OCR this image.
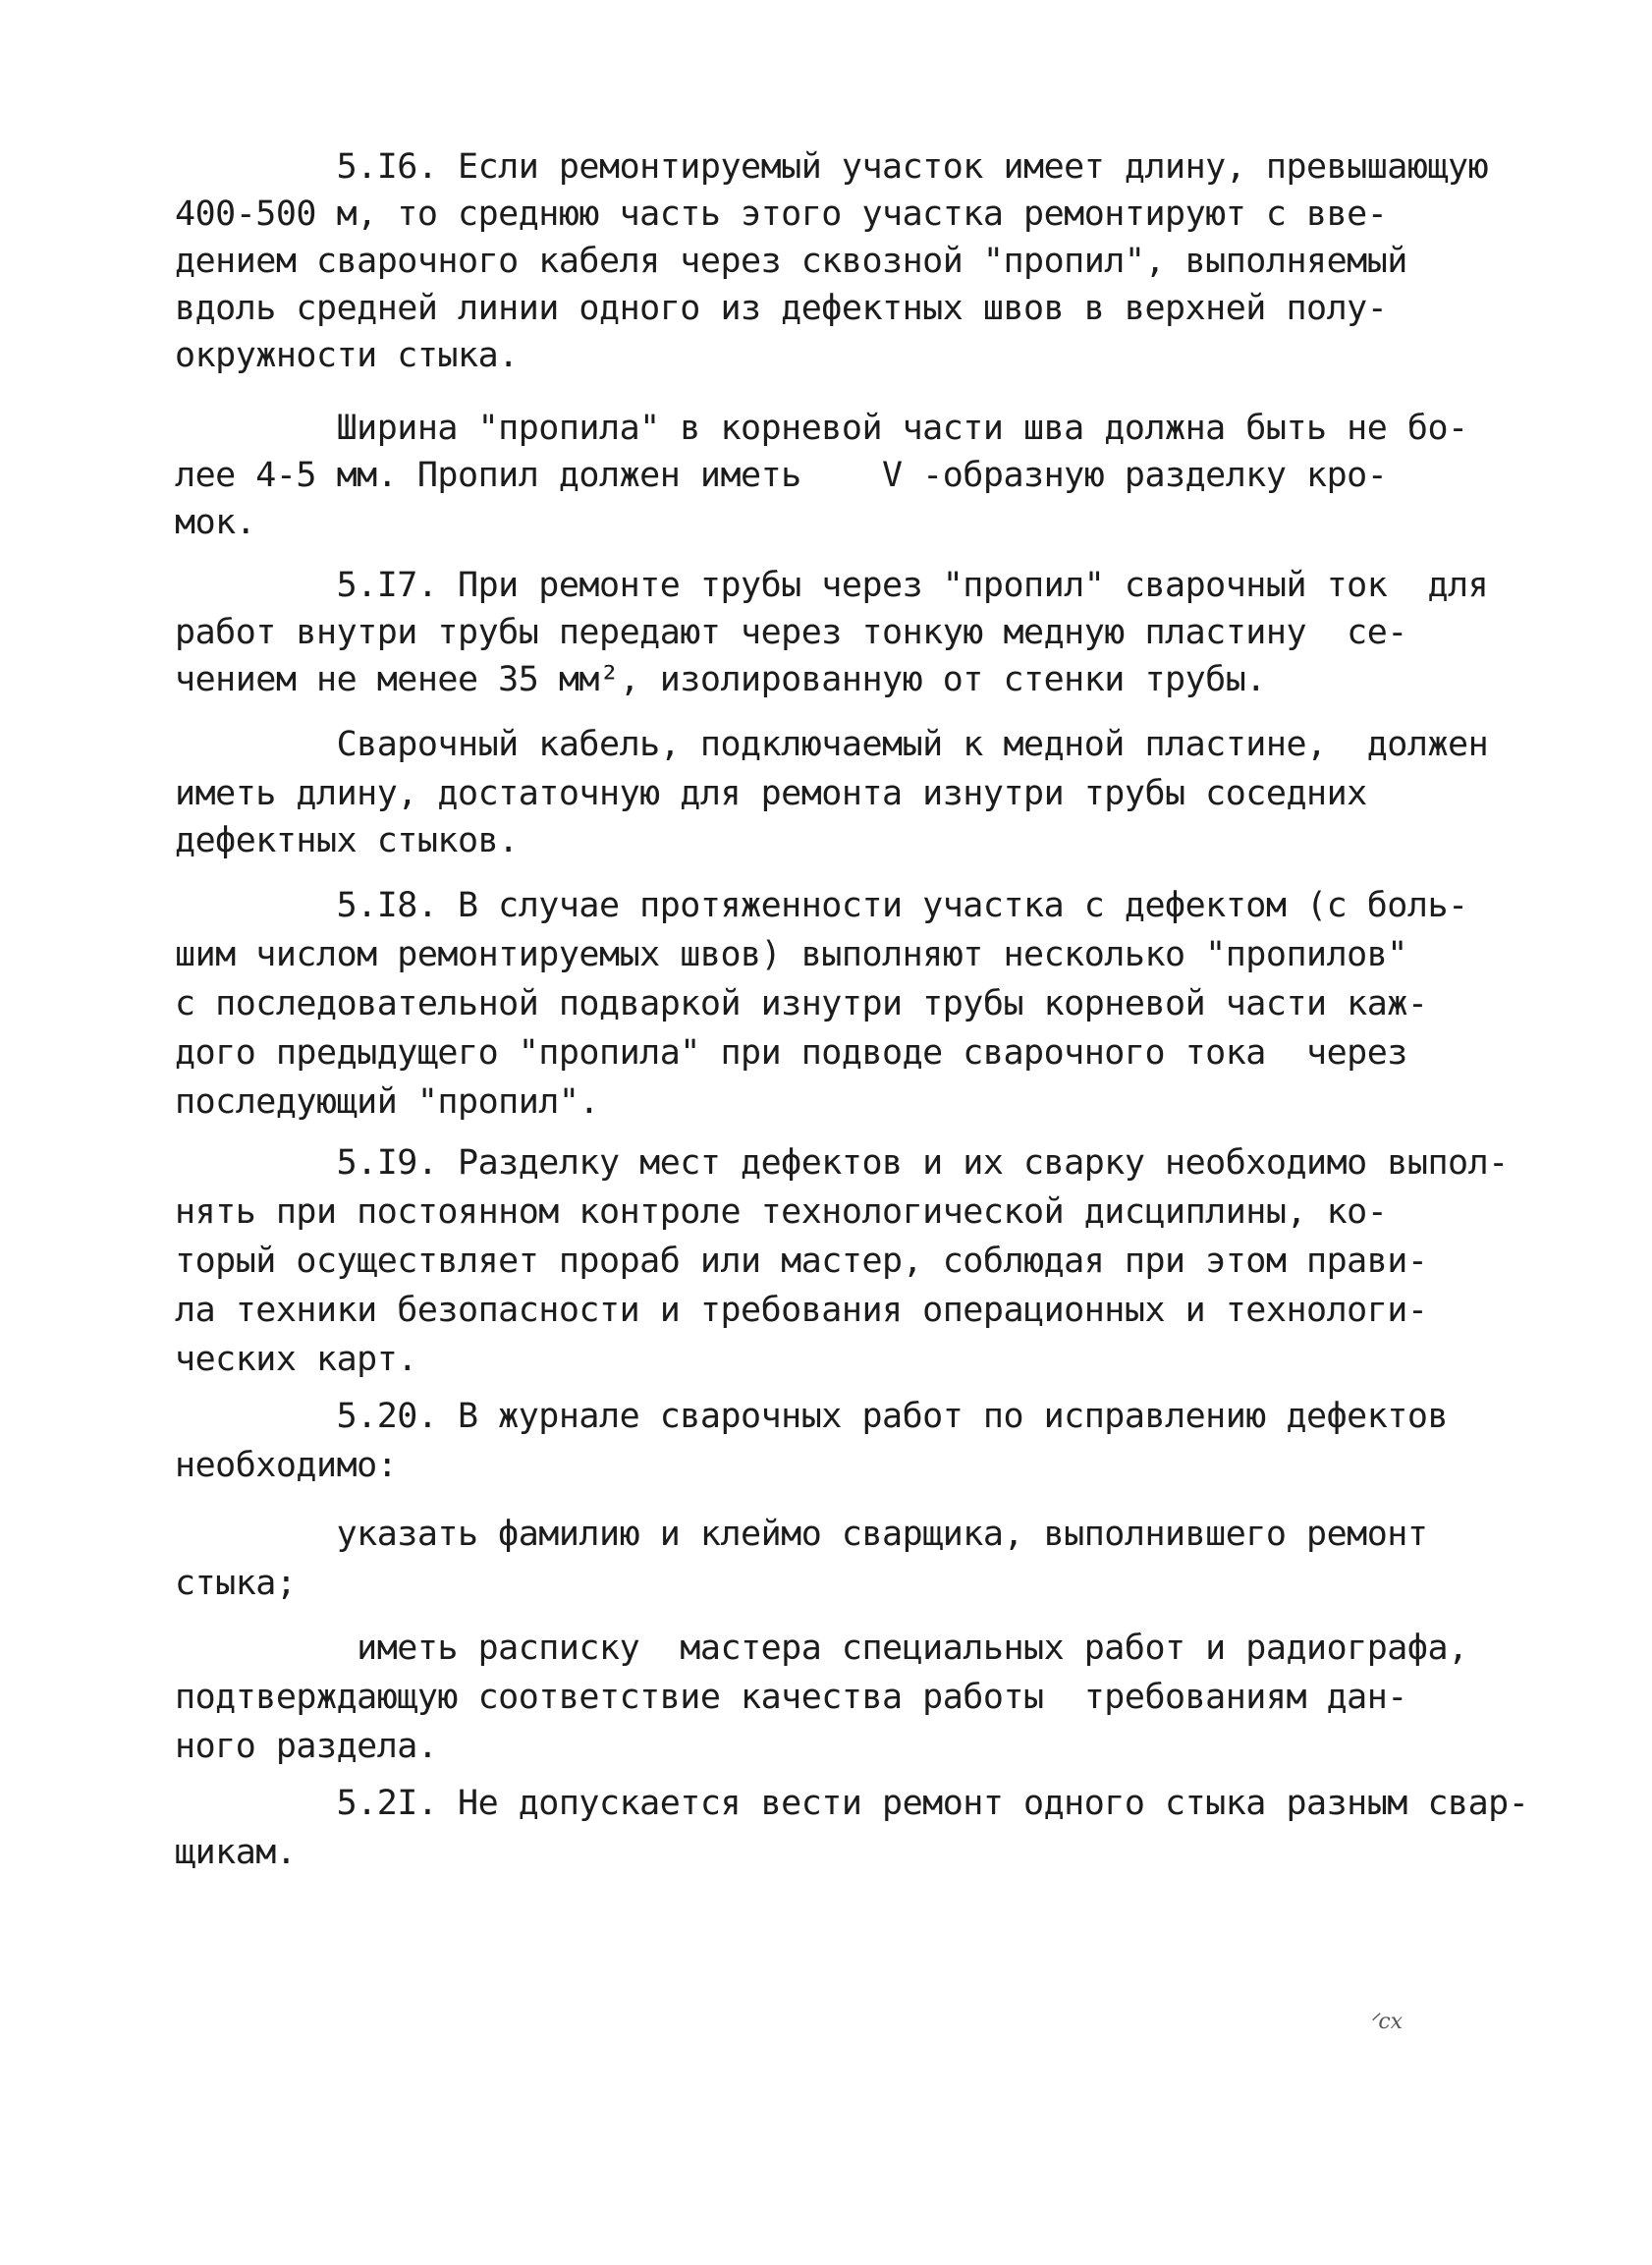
5.I6. Если ремонтируемый участок имеет длину, превышающую
400-500 м, то среднюю часть этого участка ремонтируют с вве-
дением сварочного кабеля через сквозной "пропил", выполняемый
вдоль средней линии одного из дефектных швов в верхней полу-
окружности стыка.
Ширина "пропила" в корневой части шва должна быть не бо-
лее 4-5 мм. Пропил должен иметь    V -образную разделку кро-
мок.
5.I7. При ремонте трубы через "пропил" сварочный ток  для
работ внутри трубы передают через тонкую медную пластину  се-
чением не менее 35 мм², изолированную от стенки трубы.
Сварочный кабель, подключаемый к медной пластине,  должен
иметь длину, достаточную для ремонта изнутри трубы соседних
дефектных стыков.
5.I8. В случае протяженности участка с дефектом (с боль-
шим числом ремонтируемых швов) выполняют несколько "пропилов"
с последовательной подваркой изнутри трубы корневой части каж-
дого предыдущего "пропила" при подводе сварочного тока  через
последующий "пропил".
5.I9. Разделку мест дефектов и их сварку необходимо выпол-
нять при постоянном контроле технологической дисциплины, ко-
торый осуществляет прораб или мастер, соблюдая при этом прави-
ла техники безопасности и требования операционных и технологи-
ческих карт.
5.20. В журнале сварочных работ по исправлению дефектов
необходимо:
указать фамилию и клеймо сварщика, выполнившего ремонт
стыка;
иметь расписку  мастера специальных работ и радиографа,
подтверждающую соответствие качества работы  требованиям дан-
ного раздела.
5.2I. Не допускается вести ремонт одного стыка разным свар-
щикам.
ᐟсх
